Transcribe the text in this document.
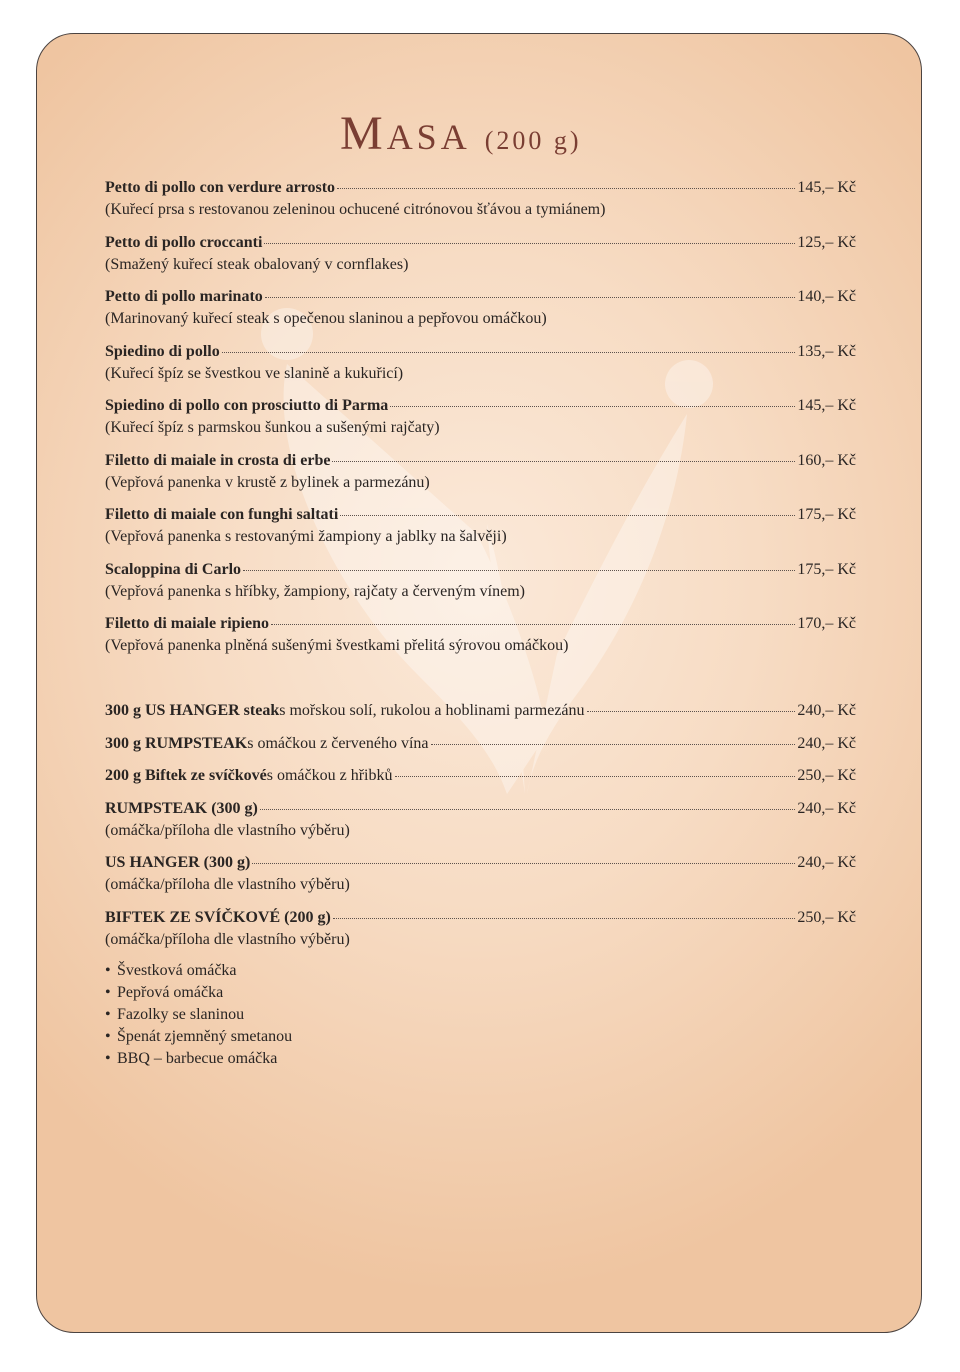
MASA (200 g)
Petto di pollo con verdure arrosto	145,– Kč
(Kuřecí prsa s restovanou zeleninou ochucené citrónovou šťávou a tymiánem)
Petto di pollo croccanti	125,– Kč
(Smažený kuřecí steak obalovaný v cornflakes)
Petto di pollo marinato	140,– Kč
(Marinovaný kuřecí steak s opečenou slaninou a pepřovou omáčkou)
Spiedino di pollo	135,– Kč
(Kuřecí špíz se švestkou ve slanině a kukuřicí)
Spiedino di pollo con prosciutto di Parma	145,– Kč
(Kuřecí špíz s parmskou šunkou a sušenými rajčaty)
Filetto di maiale in crosta di erbe	160,– Kč
(Vepřová panenka v krustě z bylinek a parmezánu)
Filetto di maiale con funghi saltati	175,– Kč
(Vepřová panenka s restovanými žampiony a jablky na šalvěji)
Scaloppina di Carlo	175,– Kč
(Vepřová panenka s hříbky, žampiony, rajčaty a červeným vínem)
Filetto di maiale ripieno	170,– Kč
(Vepřová panenka plněná sušenými švestkami přelitá sýrovou omáčkou)
300 g US HANGER steak s mořskou solí, rukolou a hoblinami parmezánu	240,– Kč
300 g RUMPSTEAK s omáčkou z červeného vína	240,– Kč
200 g Biftek ze svíčkové s omáčkou z hřibků	250,– Kč
RUMPSTEAK (300 g)	240,– Kč
(omáčka/příloha dle vlastního výběru)
US HANGER (300 g)	240,– Kč
(omáčka/příloha dle vlastního výběru)
BIFTEK ZE SVÍČKOVÉ (200 g)	250,– Kč
(omáčka/příloha dle vlastního výběru)
• Švestková omáčka
• Pepřová omáčka
• Fazolky se slaninou
• Špenát zjemněný smetanou
• BBQ – barbecue omáčka
